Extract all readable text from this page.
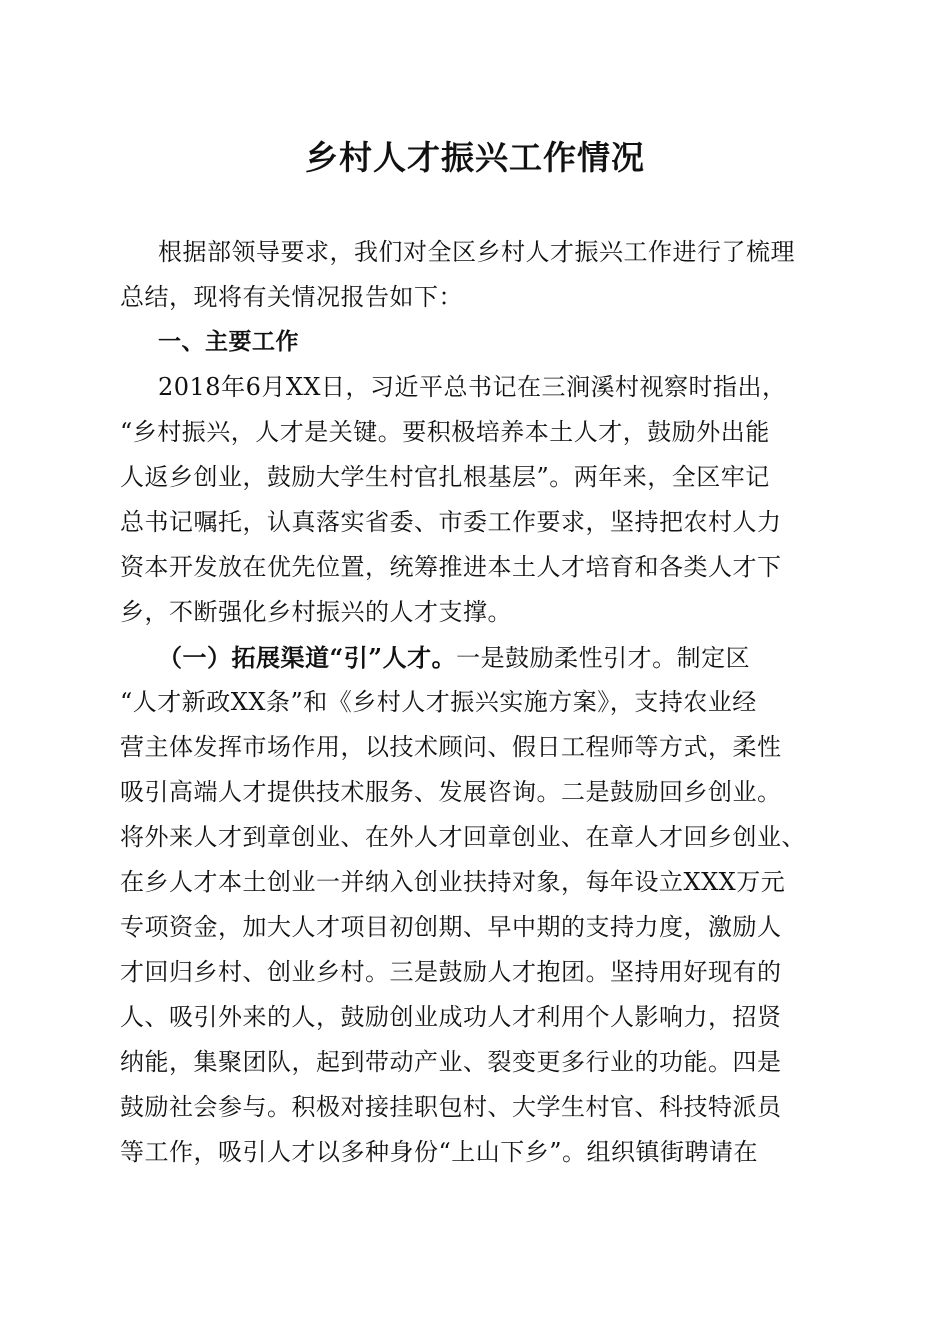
乡村人才振兴工作情况
根据部领导要求，我们对全区乡村人才振兴工作进行了梳理
总结，现将有关情况报告如下：
一、主要工作
2018年6月XX日，习近平总书记在三涧溪村视察时指出，
“乡村振兴，人才是关键。要积极培养本土人才，鼓励外出能
人返乡创业，鼓励大学生村官扎根基层”。两年来，全区牢记
总书记嘱托，认真落实省委、市委工作要求，坚持把农村人力
资本开发放在优先位置，统筹推进本土人才培育和各类人才下
乡，不断强化乡村振兴的人才支撑。
（一）拓展渠道“引”人才。一是鼓励柔性引才。制定区
“人才新政XX条”和《乡村人才振兴实施方案》，支持农业经
营主体发挥市场作用，以技术顾问、假日工程师等方式，柔性
吸引高端人才提供技术服务、发展咨询。二是鼓励回乡创业。
将外来人才到章创业、在外人才回章创业、在章人才回乡创业、
在乡人才本土创业一并纳入创业扶持对象，每年设立XXX万元
专项资金，加大人才项目初创期、早中期的支持力度，激励人
才回归乡村、创业乡村。三是鼓励人才抱团。坚持用好现有的
人、吸引外来的人，鼓励创业成功人才利用个人影响力，招贤
纳能，集聚团队，起到带动产业、裂变更多行业的功能。四是
鼓励社会参与。积极对接挂职包村、大学生村官、科技特派员
等工作，吸引人才以多种身份“上山下乡”。组织镇街聘请在
